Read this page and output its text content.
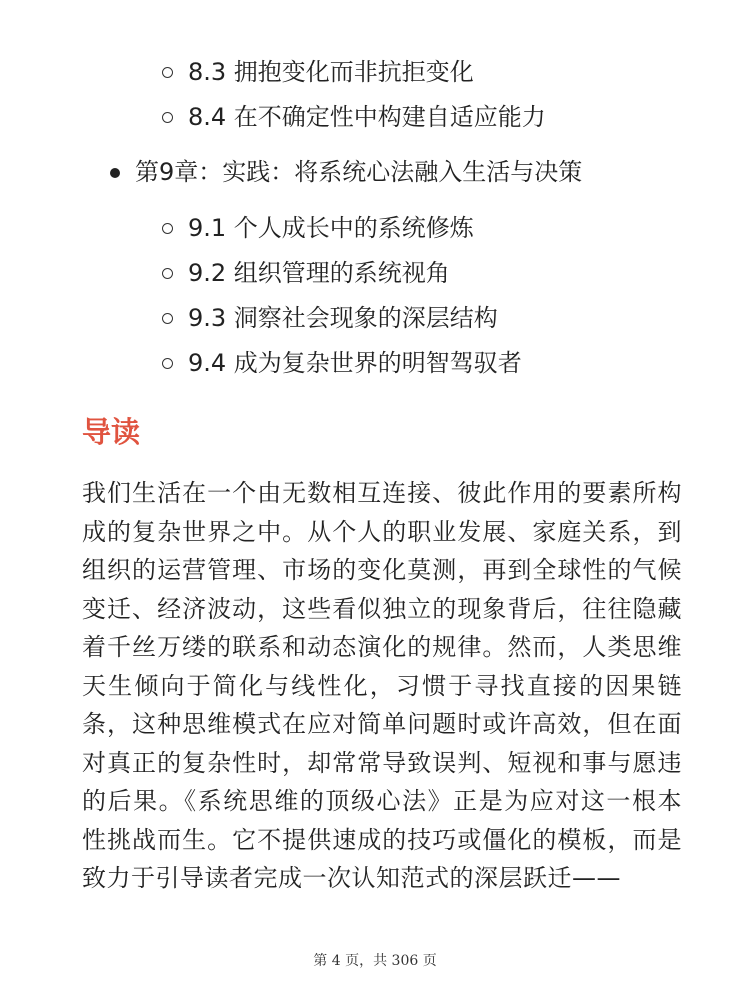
8.3 拥抱变化而非抗拒变化
8.4 在不确定性中构建自适应能力
第9章：实践：将系统心法融入生活与决策
9.1 个人成长中的系统修炼
9.2 组织管理的系统视角
9.3 洞察社会现象的深层结构
9.4 成为复杂世界的明智驾驭者
导读

我们生活在一个由无数相互连接、彼此作用的要素所构成的复杂世界之中。从个人的职业发展、家庭关系，到组织的运营管理、市场的变化莫测，再到全球性的气候变迁、经济波动，这些看似独立的现象背后，往往隐藏着千丝万缕的联系和动态演化的规律。然而，人类思维天生倾向于简化与线性化，习惯于寻找直接的因果链条，这种思维模式在应对简单问题时或许高效，但在面对真正的复杂性时，却常常导致误判、短视和事与愿违的后果。《系统思维的顶级心法》正是为应对这一根本性挑战而生。它不提供速成的技巧或僵化的模板，而是致力于引导读者完成一次认知范式的深层跃迁——

第 4 页，共 306 页
